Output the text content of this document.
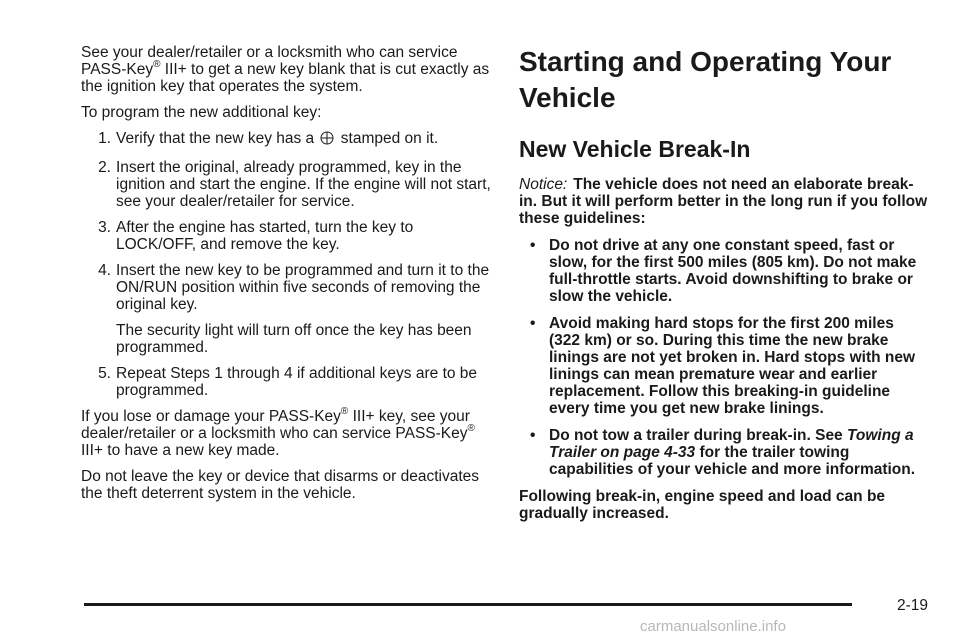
See your dealer/retailer or a locksmith who can service PASS-Key® III+ to get a new key blank that is cut exactly as the ignition key that operates the system.

To program the new additional key:

1. Verify that the new key has a  stamped on it.
2. Insert the original, already programmed, key in the ignition and start the engine. If the engine will not start, see your dealer/retailer for service.
3. After the engine has started, turn the key to LOCK/OFF, and remove the key.
4. Insert the new key to be programmed and turn it to the ON/RUN position within five seconds of removing the original key.
The security light will turn off once the key has been programmed.
5. Repeat Steps 1 through 4 if additional keys are to be programmed.

If you lose or damage your PASS-Key® III+ key, see your dealer/retailer or a locksmith who can service PASS-Key® III+ to have a new key made.

Do not leave the key or device that disarms or deactivates the theft deterrent system in the vehicle.

Starting and Operating Your Vehicle
New Vehicle Break-In

Notice: The vehicle does not need an elaborate break-in. But it will perform better in the long run if you follow these guidelines:

• Do not drive at any one constant speed, fast or slow, for the first 500 miles (805 km). Do not make full-throttle starts. Avoid downshifting to brake or slow the vehicle.
• Avoid making hard stops for the first 200 miles (322 km) or so. During this time the new brake linings are not yet broken in. Hard stops with new linings can mean premature wear and earlier replacement. Follow this breaking-in guideline every time you get new brake linings.
• Do not tow a trailer during break-in. See Towing a Trailer on page 4-33 for the trailer towing capabilities of your vehicle and more information.

Following break-in, engine speed and load can be gradually increased.

2-19
carmanualsonline.info
